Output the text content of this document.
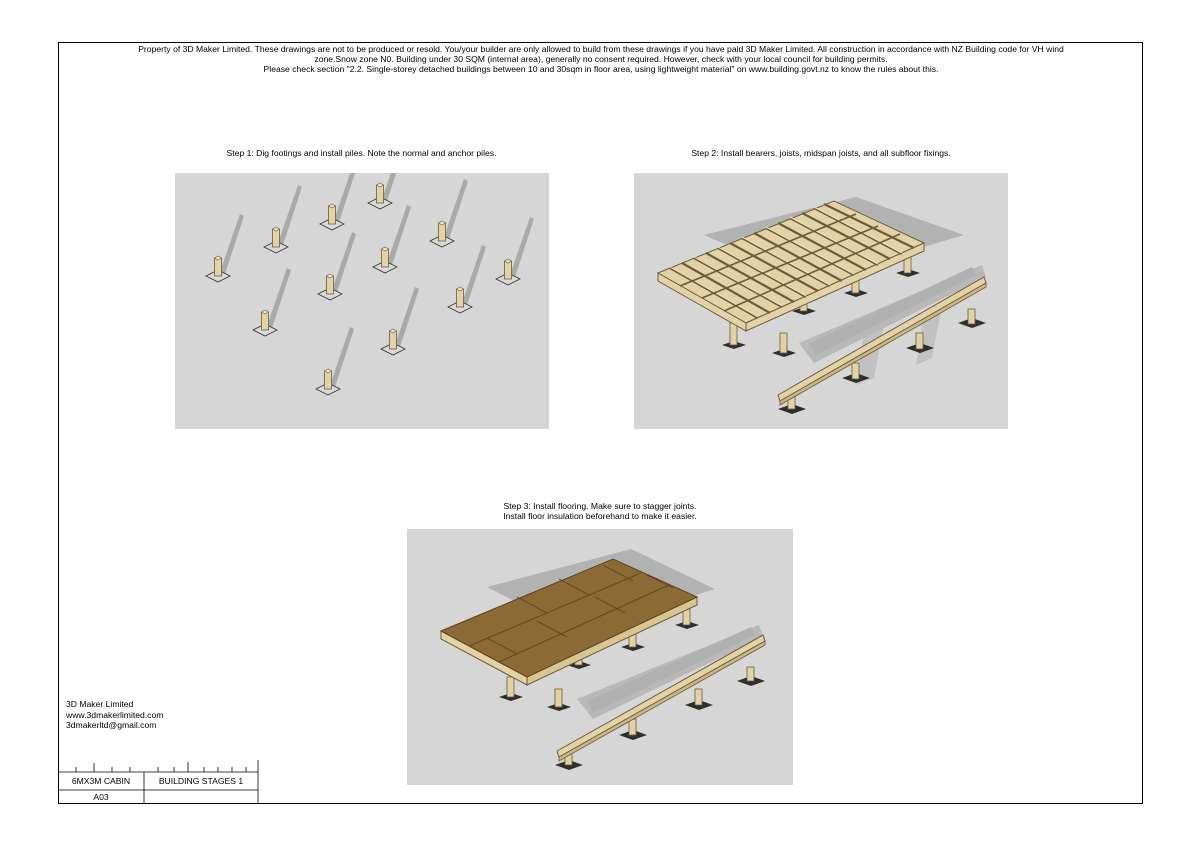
Property of 3D Maker Limited. These drawings are not to be produced or resold. You/your builder are only allowed to build from these drawings if you have paid 3D Maker Limited. All construction in accordance with NZ Building code for VH wind
zone.Snow zone N0. Building under 30 SQM (internal area), generally no consent required. However, check with your local council for building permits.
Please check section "2.2. Single-storey detached buildings between 10 and 30sqm in floor area, using lightweight material" on www.building.govt.nz to know the rules about this.
Step 1: Dig footings and install piles. Note the normal and anchor piles.	Step 2: Install bearers, joists, midspan joists, and all subfloor fixings.
Step 3: Install flooring. Make sure to stagger joints.
Install floor insulation beforehand to make it easier.
3D Maker Limited
www.3dmakerlimited.com
3dmakerltd@gmail.com
6MX3M CABIN	BUILDING STAGES 1
A03
